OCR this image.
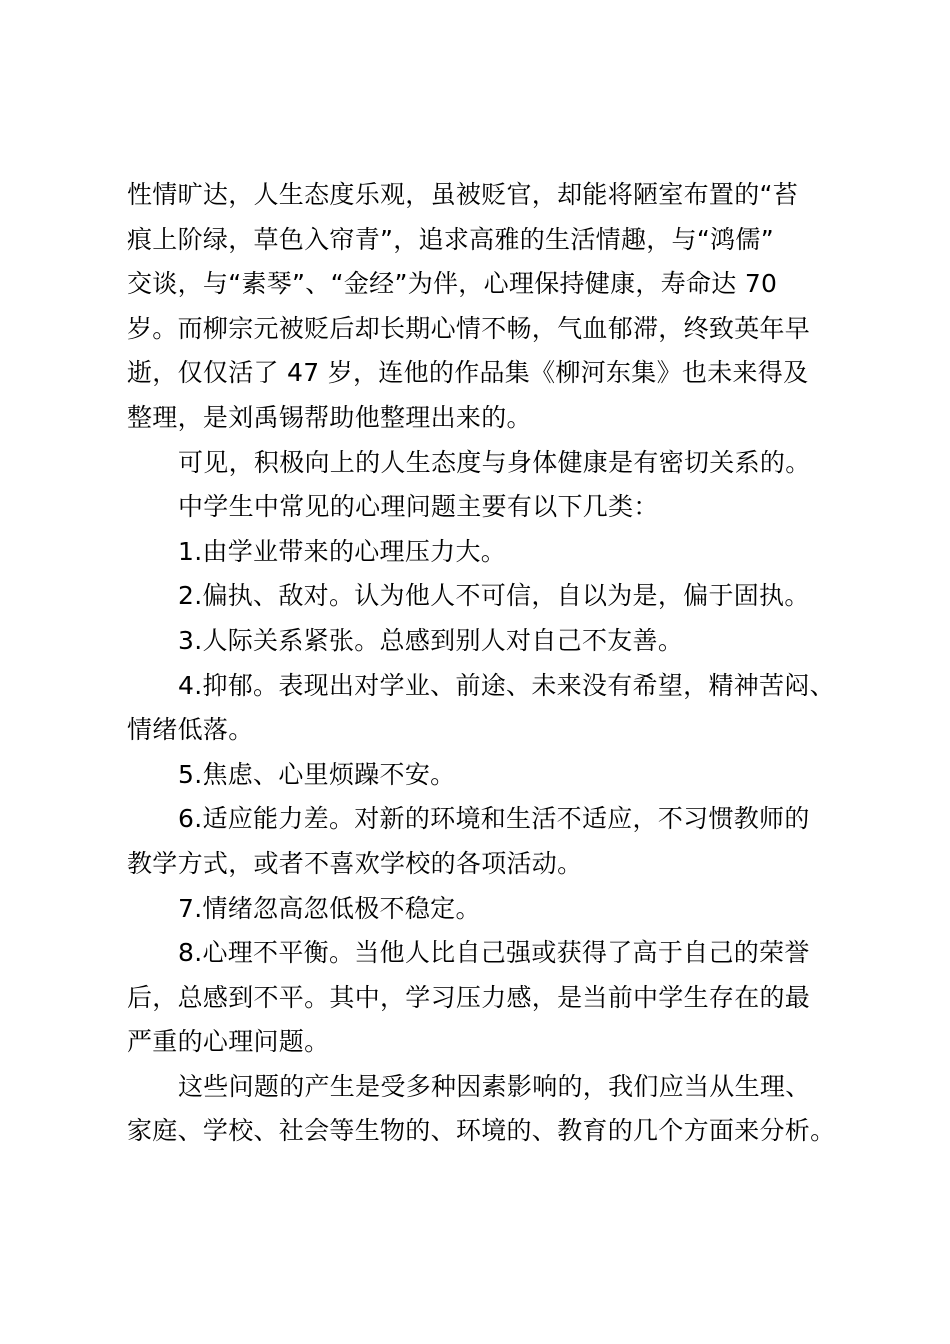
性情旷达，人生态度乐观，虽被贬官，却能将陋室布置的“苔
痕上阶绿，草色入帘青”，追求高雅的生活情趣，与“鸿儒”
交谈，与“素琴”、“金经”为伴，心理保持健康，寿命达 70
岁。而柳宗元被贬后却长期心情不畅，气血郁滞，终致英年早
逝，仅仅活了 47 岁，连他的作品集《柳河东集》也未来得及
整理，是刘禹锡帮助他整理出来的。
可见，积极向上的人生态度与身体健康是有密切关系的。
中学生中常见的心理问题主要有以下几类：
1.由学业带来的心理压力大。
2.偏执、敌对。认为他人不可信，自以为是，偏于固执。
3.人际关系紧张。总感到别人对自己不友善。
4.抑郁。表现出对学业、前途、未来没有希望，精神苦闷、
情绪低落。
5.焦虑、心里烦躁不安。
6.适应能力差。对新的环境和生活不适应，不习惯教师的
教学方式，或者不喜欢学校的各项活动。
7.情绪忽高忽低极不稳定。
8.心理不平衡。当他人比自己强或获得了高于自己的荣誉
后，总感到不平。其中，学习压力感，是当前中学生存在的最
严重的心理问题。
这些问题的产生是受多种因素影响的，我们应当从生理、
家庭、学校、社会等生物的、环境的、教育的几个方面来分析。
